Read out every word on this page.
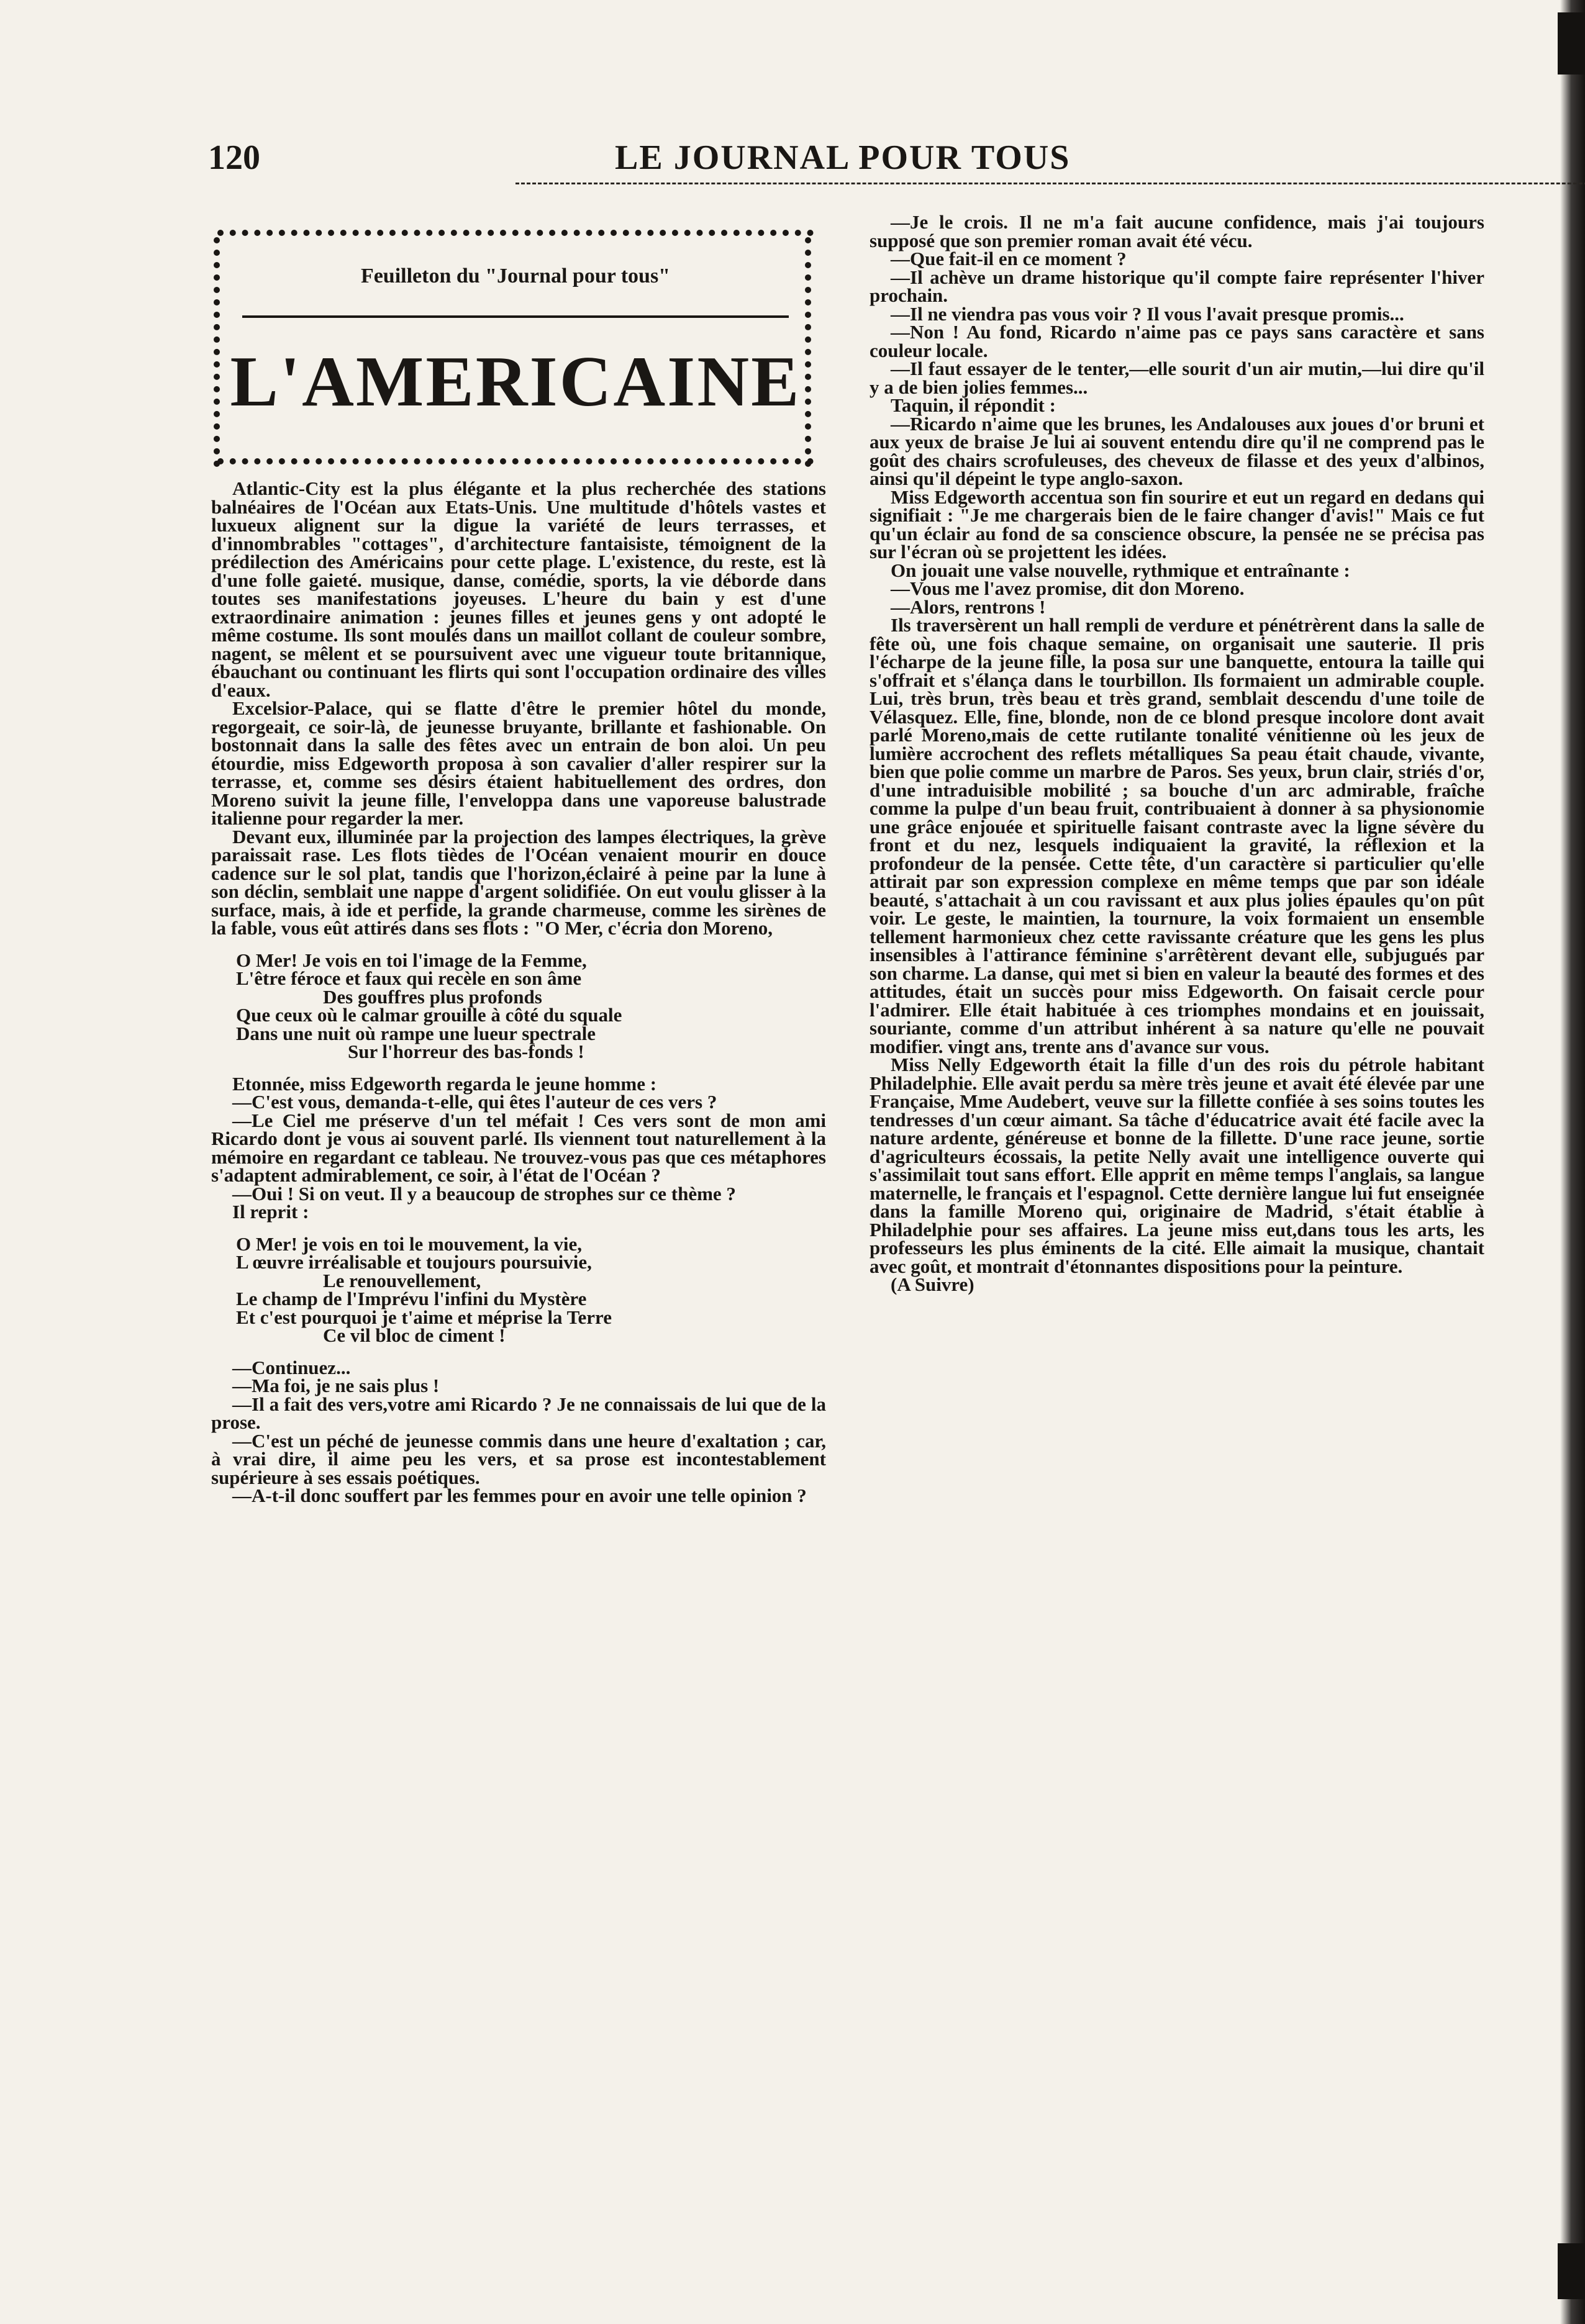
120	LE JOURNAL POUR TOUS
Feuilleton du "Journal pour tous"
L'AMERICAINE

Atlantic-City est la plus élégante et la plus recherchée des stations balnéaires de l'Océan aux Etats-Unis. Une multitude d'hôtels vastes et luxueux alignent sur la digue la variété de leurs terrasses, et d'innombrables "cottages", d'architecture fantaisiste, témoignent de la prédilection des Américains pour cette plage. L'existence, du reste, est là d'une folle gaieté. musique, danse, comédie, sports, la vie déborde dans toutes ses manifestations joyeuses. L'heure du bain y est d'une extraordinaire animation : jeunes filles et jeunes gens y ont adopté le même costume. Ils sont moulés dans un maillot collant de couleur sombre, nagent, se mêlent et se poursuivent avec une vigueur toute britannique, ébauchant ou continuant les flirts qui sont l'occupation ordinaire des villes d'eaux.

Excelsior-Palace, qui se flatte d'être le premier hôtel du monde, regorgeait, ce soir-là, de jeunesse bruyante, brillante et fashionable. On bostonnait dans la salle des fêtes avec un entrain de bon aloi. Un peu étourdie, miss Edgeworth proposa à son cavalier d'aller respirer sur la terrasse, et, comme ses désirs étaient habituellement des ordres, don Moreno suivit la jeune fille, l'enveloppa dans une vaporeuse balustrade italienne pour regarder la mer.

Devant eux, illuminée par la projection des lampes électriques, la grève paraissait rase. Les flots tièdes de l'Océan venaient mourir en douce cadence sur le sol plat, tandis que l'horizon,éclairé à peine par la lune à son déclin, semblait une nappe d'argent solidifiée. On eut voulu glisser à la surface, mais, à ide et perfide, la grande charmeuse, comme les sirènes de la fable, vous eût attirés dans ses flots : "O Mer, c'écria don Moreno,

O Mer! Je vois en toi l'image de la Femme,
L'être féroce et faux qui recèle en son âme
Des gouffres plus profonds
Que ceux où le calmar grouille à côté du squale
Dans une nuit où rampe une lueur spectrale
Sur l'horreur des bas-fonds !

Etonnée, miss Edgeworth regarda le jeune homme :

—C'est vous, demanda-t-elle, qui êtes l'auteur de ces vers ?

—Le Ciel me préserve d'un tel méfait ! Ces vers sont de mon ami Ricardo dont je vous ai souvent parlé. Ils viennent tout naturellement à la mémoire en regardant ce tableau. Ne trouvez-vous pas que ces métaphores s'adaptent admirablement, ce soir, à l'état de l'Océan ?

—Oui ! Si on veut. Il y a beaucoup de strophes sur ce thème ?

Il reprit :

O Mer! je vois en toi le mouvement, la vie,
L œuvre irréalisable et toujours poursuivie,
Le renouvellement,
Le champ de l'Imprévu l'infini du Mystère
Et c'est pourquoi je t'aime et méprise la Terre
Ce vil bloc de ciment !

—Continuez...

—Ma foi, je ne sais plus !

—Il a fait des vers,votre ami Ricardo ? Je ne connaissais de lui que de la prose.

—C'est un péché de jeunesse commis dans une heure d'exaltation ; car, à vrai dire, il aime peu les vers, et sa prose est incontestablement supérieure à ses essais poétiques.

—A-t-il donc souffert par les femmes pour en avoir une telle opinion ?

—Je le crois. Il ne m'a fait aucune confidence, mais j'ai toujours supposé que son premier roman avait été vécu.

—Que fait-il en ce moment ?

—Il achève un drame historique qu'il compte faire représenter l'hiver prochain.

—Il ne viendra pas vous voir ? Il vous l'avait presque promis...

—Non ! Au fond, Ricardo n'aime pas ce pays sans caractère et sans couleur locale.

—Il faut essayer de le tenter,—elle sourit d'un air mutin,—lui dire qu'il y a de bien jolies femmes...

Taquin, il répondit :

—Ricardo n'aime que les brunes, les Andalouses aux joues d'or bruni et aux yeux de braise Je lui ai souvent entendu dire qu'il ne comprend pas le goût des chairs scrofuleuses, des cheveux de filasse et des yeux d'albinos, ainsi qu'il dépeint le type anglo-saxon.

Miss Edgeworth accentua son fin sourire et eut un regard en dedans qui signifiait : "Je me chargerais bien de le faire changer d'avis!" Mais ce fut qu'un éclair au fond de sa conscience obscure, la pensée ne se précisa pas sur l'écran où se projettent les idées.

On jouait une valse nouvelle, rythmique et entraînante :

—Vous me l'avez promise, dit don Moreno.

—Alors, rentrons !

Ils traversèrent un hall rempli de verdure et pénétrèrent dans la salle de fête où, une fois chaque semaine, on organisait une sauterie. Il pris l'écharpe de la jeune fille, la posa sur une banquette, entoura la taille qui s'offrait et s'élança dans le tourbillon. Ils formaient un admirable couple. Lui, très brun, très beau et très grand, semblait descendu d'une toile de Vélasquez. Elle, fine, blonde, non de ce blond presque incolore dont avait parlé Moreno,mais de cette rutilante tonalité vénitienne où les jeux de lumière accrochent des reflets métalliques Sa peau était chaude, vivante, bien que polie comme un marbre de Paros. Ses yeux, brun clair, striés d'or, d'une intraduisible mobilité ; sa bouche d'un arc admirable, fraîche comme la pulpe d'un beau fruit, contribuaient à donner à sa physionomie une grâce enjouée et spirituelle faisant contraste avec la ligne sévère du front et du nez, lesquels indiquaient la gravité, la réflexion et la profondeur de la pensée. Cette tête, d'un caractère si particulier qu'elle attirait par son expression complexe en même temps que par son idéale beauté, s'attachait à un cou ravissant et aux plus jolies épaules qu'on pût voir. Le geste, le maintien, la tournure, la voix formaient un ensemble tellement harmonieux chez cette ravissante créature que les gens les plus insensibles à l'attirance féminine s'arrêtèrent devant elle, subjugués par son charme. La danse, qui met si bien en valeur la beauté des formes et des attitudes, était un succès pour miss Edgeworth. On faisait cercle pour l'admirer. Elle était habituée à ces triomphes mondains et en jouissait, souriante, comme d'un attribut inhérent à sa nature qu'elle ne pouvait modifier. vingt ans, trente ans d'avance sur vous.

Miss Nelly Edgeworth était la fille d'un des rois du pétrole habitant Philadelphie. Elle avait perdu sa mère très jeune et avait été élevée par une Française, Mme Audebert, veuve sur la fillette confiée à ses soins toutes les tendresses d'un cœur aimant. Sa tâche d'éducatrice avait été facile avec la nature ardente, généreuse et bonne de la fillette. D'une race jeune, sortie d'agriculteurs écossais, la petite Nelly avait une intelligence ouverte qui s'assimilait tout sans effort. Elle apprit en même temps l'anglais, sa langue maternelle, le français et l'espagnol. Cette dernière langue lui fut enseignée dans la famille Moreno qui, originaire de Madrid, s'était établie à Philadelphie pour ses affaires. La jeune miss eut,dans tous les arts, les professeurs les plus éminents de la cité. Elle aimait la musique, chantait avec goût, et montrait d'étonnantes dispositions pour la peinture.

(A Suivre)
